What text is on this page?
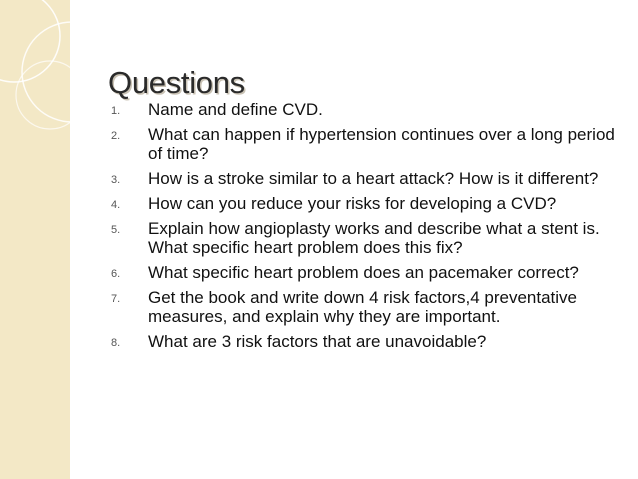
Questions
1. Name and define CVD.
2. What can happen if hypertension continues over a long period of time?
3. How is a stroke similar to a heart attack? How is it different?
4. How can you reduce your risks for developing a CVD?
5. Explain how angioplasty works and describe what a stent is. What specific heart problem does this fix?
6. What specific heart problem does an pacemaker correct?
7. Get the book and write down 4 risk factors,4 preventative measures, and explain why they are important.
8. What are 3 risk factors that are unavoidable?
